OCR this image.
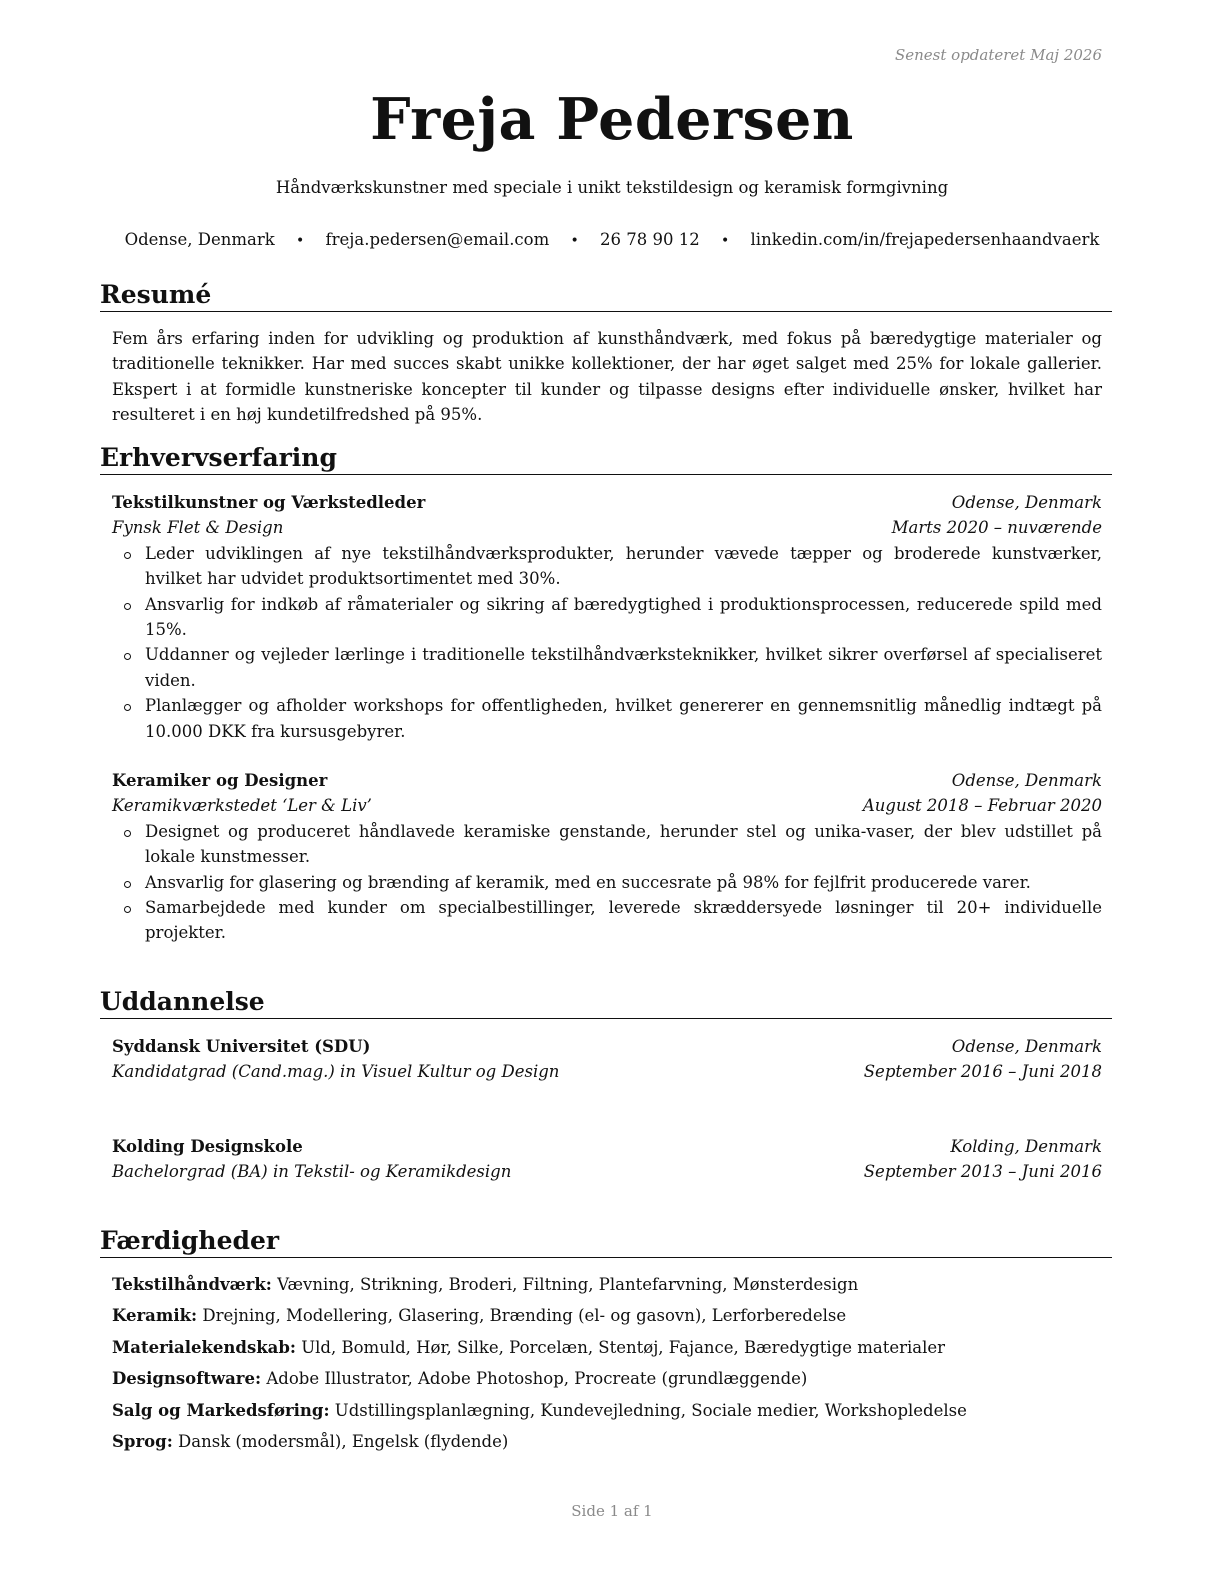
Senest opdateret Maj 2026
Freja Pedersen
Håndværkskunstner med speciale i unikt tekstildesign og keramisk formgivning
Odense, Denmark • freja.pedersen@email.com • 26 78 90 12 • linkedin.com/in/frejapedersenhaandvaerk
Resumé
Fem års erfaring inden for udvikling og produktion af kunsthåndværk, med fokus på bæredygtige materialer og traditionelle teknikker. Har med succes skabt unikke kollektioner, der har øget salget med 25% for lokale gallerier. Ekspert i at formidle kunstneriske koncepter til kunder og tilpasse designs efter individuelle ønsker, hvilket har resulteret i en høj kundetilfredshed på 95%.
Erhvervserfaring
Tekstilkunstner og Værkstedleder	Odense, Denmark
Fynsk Flet & Design	Marts 2020 – nuværende
Leder udviklingen af nye tekstilhåndværksprodukter, herunder vævede tæpper og broderede kunstværker, hvilket har udvidet produktsortimentet med 30%.
Ansvarlig for indkøb af råmaterialer og sikring af bæredygtighed i produktionsprocessen, reducerede spild med 15%.
Uddanner og vejleder lærlinge i traditionelle tekstilhåndværksteknikker, hvilket sikrer overførsel af specialiseret viden.
Planlægger og afholder workshops for offentligheden, hvilket genererer en gennemsnitlig månedlig indtægt på 10.000 DKK fra kursusgebyrer.
Keramiker og Designer	Odense, Denmark
Keramikværkstedet ‘Ler & Liv’	August 2018 – Februar 2020
Designet og produceret håndlavede keramiske genstande, herunder stel og unika-vaser, der blev udstillet på lokale kunstmesser.
Ansvarlig for glasering og brænding af keramik, med en succesrate på 98% for fejlfrit producerede varer.
Samarbejdede med kunder om specialbestillinger, leverede skræddersyede løsninger til 20+ individuelle projekter.
Uddannelse
Syddansk Universitet (SDU)	Odense, Denmark
Kandidatgrad (Cand.mag.) in Visuel Kultur og Design	September 2016 – Juni 2018
Kolding Designskole	Kolding, Denmark
Bachelorgrad (BA) in Tekstil- og Keramikdesign	September 2013 – Juni 2016
Færdigheder
Tekstilhåndværk: Vævning, Strikning, Broderi, Filtning, Plantefarvning, Mønsterdesign
Keramik: Drejning, Modellering, Glasering, Brænding (el- og gasovn), Lerforberedelse
Materialekendskab: Uld, Bomuld, Hør, Silke, Porcelæn, Stentøj, Fajance, Bæredygtige materialer
Designsoftware: Adobe Illustrator, Adobe Photoshop, Procreate (grundlæggende)
Salg og Markedsføring: Udstillingsplanlægning, Kundevejledning, Sociale medier, Workshopledelse
Sprog: Dansk (modersmål), Engelsk (flydende)
Side 1 af 1
